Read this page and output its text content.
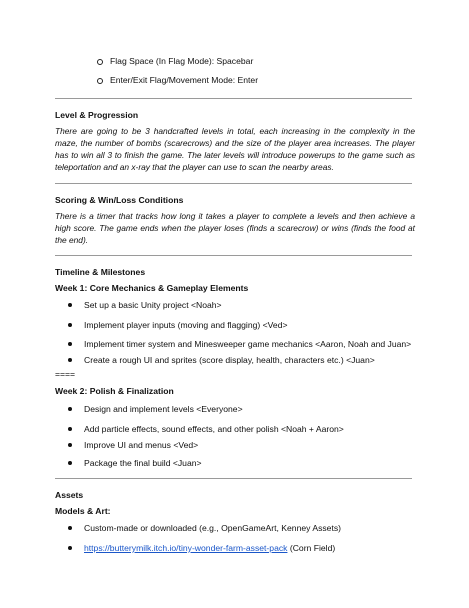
Flag Space (In Flag Mode): Spacebar
Enter/Exit Flag/Movement Mode: Enter
Level & Progression
There are going to be 3 handcrafted levels in total, each increasing in the complexity in the maze, the number of bombs (scarecrows) and the size of the player area increases. The player has to win all 3 to finish the game. The later levels will introduce powerups to the game such as teleportation and an x-ray that the player can use to scan the nearby areas.
Scoring & Win/Loss Conditions
There is a timer that tracks how long it takes a player to complete a levels and then achieve a high score. The game ends when the player loses (finds a scarecrow) or wins (finds the food at the end).
Timeline & Milestones
Week 1: Core Mechanics & Gameplay Elements
Set up a basic Unity project <Noah>
Implement player inputs (moving and flagging) <Ved>
Implement timer system and Minesweeper game mechanics <Aaron, Noah and Juan>
Create a rough UI and sprites (score display, health, characters etc.) <Juan>
====
Week 2: Polish & Finalization
Design and implement levels <Everyone>
Add particle effects, sound effects, and other polish <Noah + Aaron>
Improve UI and menus <Ved>
Package the final build <Juan>
Assets
Models & Art:
Custom-made or downloaded (e.g., OpenGameArt, Kenney Assets)
https://butterymilk.itch.io/tiny-wonder-farm-asset-pack (Corn Field)
